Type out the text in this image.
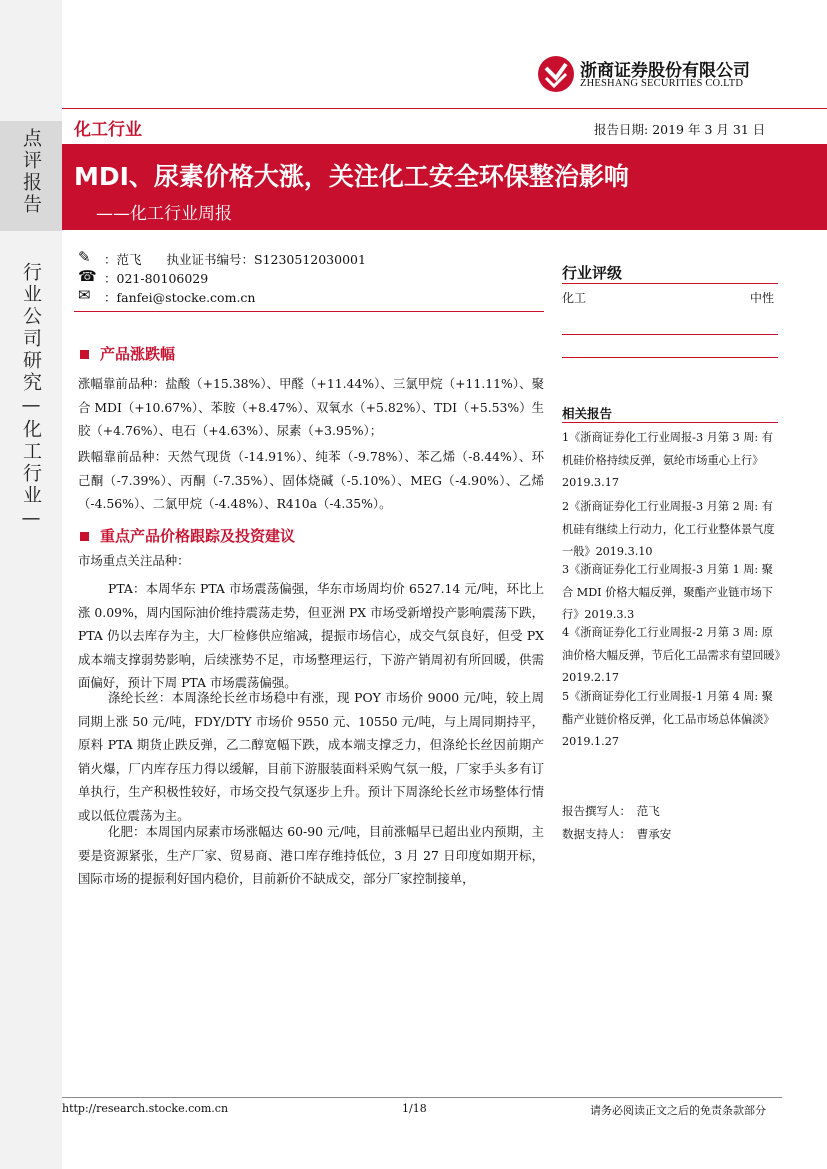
点评报告
行业公司研究—化工行业—
浙商证券股份有限公司
ZHESHANG SECURITIES CO.LTD
化工行业	报告日期: 2019 年 3 月 31 日
MDI、尿素价格大涨，关注化工安全环保整治影响
——化工行业周报
✎ ：范飞　　执业证书编号：S1230512030001
☎ ：021-80106029
✉ ：fanfei@stocke.com.cn
产品涨跌幅
涨幅靠前品种：盐酸（+15.38%）、甲醛（+11.44%）、三氯甲烷（+11.11%）、聚合 MDI（+10.67%）、苯胺（+8.47%）、双氧水（+5.82%）、TDI（+5.53%）生胶（+4.76%）、电石（+4.63%）、尿素（+3.95%）；
跌幅靠前品种：天然气现货（-14.91%）、纯苯（-9.78%）、苯乙烯（-8.44%）、环己酮（-7.39%）、丙酮（-7.35%）、固体烧碱（-5.10%）、MEG（-4.90%）、乙烯（-4.56%）、二氯甲烷（-4.48%）、R410a（-4.35%）。
重点产品价格跟踪及投资建议
市场重点关注品种：
PTA：本周华东 PTA 市场震荡偏强，华东市场周均价 6527.14 元/吨，环比上涨 0.09%，周内国际油价维持震荡走势，但亚洲 PX 市场受新增投产影响震荡下跌，PTA 仍以去库存为主，大厂检修供应缩减，提振市场信心，成交气氛良好，但受 PX 成本端支撑弱势影响，后续涨势不足，市场整理运行，下游产销周初有所回暖，供需面偏好，预计下周 PTA 市场震荡偏强。
涤纶长丝：本周涤纶长丝市场稳中有涨，现 POY 市场价 9000 元/吨，较上周同期上涨 50 元/吨，FDY/DTY 市场价 9550 元、10550 元/吨，与上周同期持平，原料 PTA 期货止跌反弹，乙二醇宽幅下跌，成本端支撑乏力，但涤纶长丝因前期产销火爆，厂内库存压力得以缓解，目前下游服装面料采购气氛一般，厂家手头多有订单执行，生产积极性较好，市场交投气氛逐步上升。预计下周涤纶长丝市场整体行情或以低位震荡为主。
化肥：本周国内尿素市场涨幅达 60-90 元/吨，目前涨幅早已超出业内预期，主要是资源紧张，生产厂家、贸易商、港口库存维持低位，3 月 27 日印度如期开标，国际市场的提振利好国内稳价，目前新价不缺成交，部分厂家控制接单，
行业评级
化工	中性
相关报告
1《浙商证券化工行业周报-3 月第 3 周: 有机硅价格持续反弹，氨纶市场重心上行》2019.3.17
2《浙商证券化工行业周报-3 月第 2 周: 有机硅有继续上行动力，化工行业整体景气度一般》2019.3.10
3《浙商证券化工行业周报-3 月第 1 周: 聚合 MDI 价格大幅反弹，聚酯产业链市场下行》2019.3.3
4《浙商证券化工行业周报-2 月第 3 周: 原油价格大幅反弹，节后化工品需求有望回暖》2019.2.17
5《浙商证券化工行业周报-1 月第 4 周: 聚酯产业链价格反弹，化工品市场总体偏淡》2019.1.27
报告撰写人：　范飞
数据支持人：　曹承安
http://research.stocke.com.cn	1/18	请务必阅读正文之后的免责条款部分
